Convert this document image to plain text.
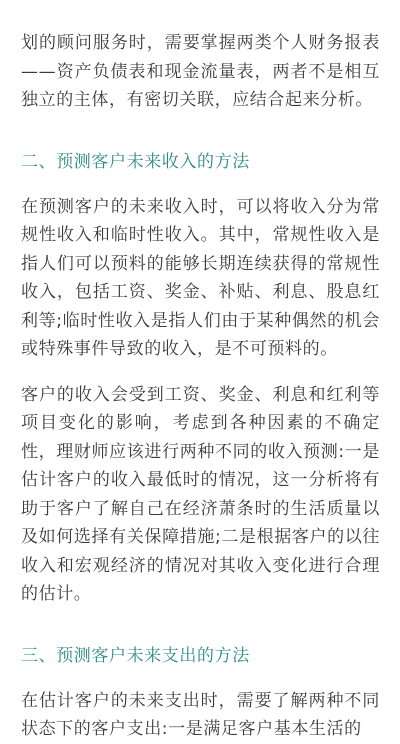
划的顾问服务时，需要掌握两类个人财务报表——资产负债表和现金流量表，两者不是相互独立的主体，有密切关联，应结合起来分析。

二、预测客户未来收入的方法

在预测客户的未来收入时，可以将收入分为常规性收入和临时性收入。其中，常规性收入是指人们可以预料的能够长期连续获得的常规性收入，包括工资、奖金、补贴、利息、股息红利等;临时性收入是指人们由于某种偶然的机会或特殊事件导致的收入，是不可预料的。

客户的收入会受到工资、奖金、利息和红利等项目变化的影响，考虑到各种因素的不确定性，理财师应该进行两种不同的收入预测:一是估计客户的收入最低时的情况，这一分析将有助于客户了解自己在经济萧条时的生活质量以及如何选择有关保障措施;二是根据客户的以往收入和宏观经济的情况对其收入变化进行合理的估计。

三、预测客户未来支出的方法

在估计客户的未来支出时，需要了解两种不同状态下的客户支出:一是满足客户基本生活的
